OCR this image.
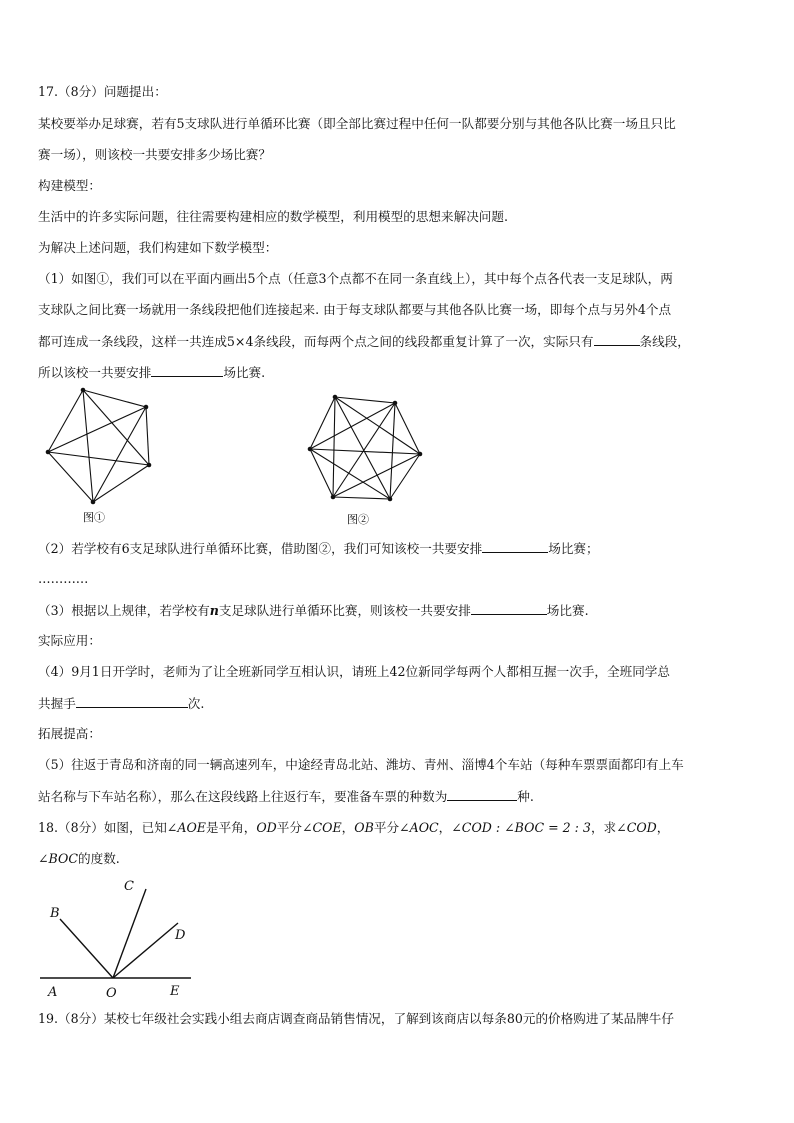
17.（8分）问题提出：
某校要举办足球赛，若有5支球队进行单循环比赛（即全部比赛过程中任何一队都要分别与其他各队比赛一场且只比
赛一场），则该校一共要安排多少场比赛？
构建模型：
生活中的许多实际问题，往往需要构建相应的数学模型，利用模型的思想来解决问题.
为解决上述问题，我们构建如下数学模型：
（1）如图①，我们可以在平面内画出5个点（任意3个点都不在同一条直线上），其中每个点各代表一支足球队，两
支球队之间比赛一场就用一条线段把他们连接起来. 由于每支球队都要与其他各队比赛一场，即每个点与另外4个点
都可连成一条线段，这样一共连成5×4条线段，而每两个点之间的线段都重复计算了一次，实际只有	条线段，
所以该校一共要安排	场比赛.
图①	图②
（2）若学校有6支足球队进行单循环比赛，借助图②，我们可知该校一共要安排	场比赛；
…………
（3）根据以上规律，若学校有n支足球队进行单循环比赛，则该校一共要安排	场比赛.
实际应用：
（4）9月1日开学时，老师为了让全班新同学互相认识，请班上42位新同学每两个人都相互握一次手，全班同学总
共握手	次.
拓展提高：
（5）往返于青岛和济南的同一辆高速列车，中途经青岛北站、潍坊、青州、淄博4个车站（每种车票票面都印有上车
站名称与下车站名称），那么在这段线路上往返行车，要准备车票的种数为	种.
18.（8分）如图，已知∠AOE是平角，OD平分∠COE，OB平分∠AOC，∠COD : ∠BOC = 2 : 3，求∠COD，
∠BOC的度数.
B
C
D
A	O	E
19.（8分）某校七年级社会实践小组去商店调查商品销售情况，了解到该商店以每条80元的价格购进了某品牌牛仔
